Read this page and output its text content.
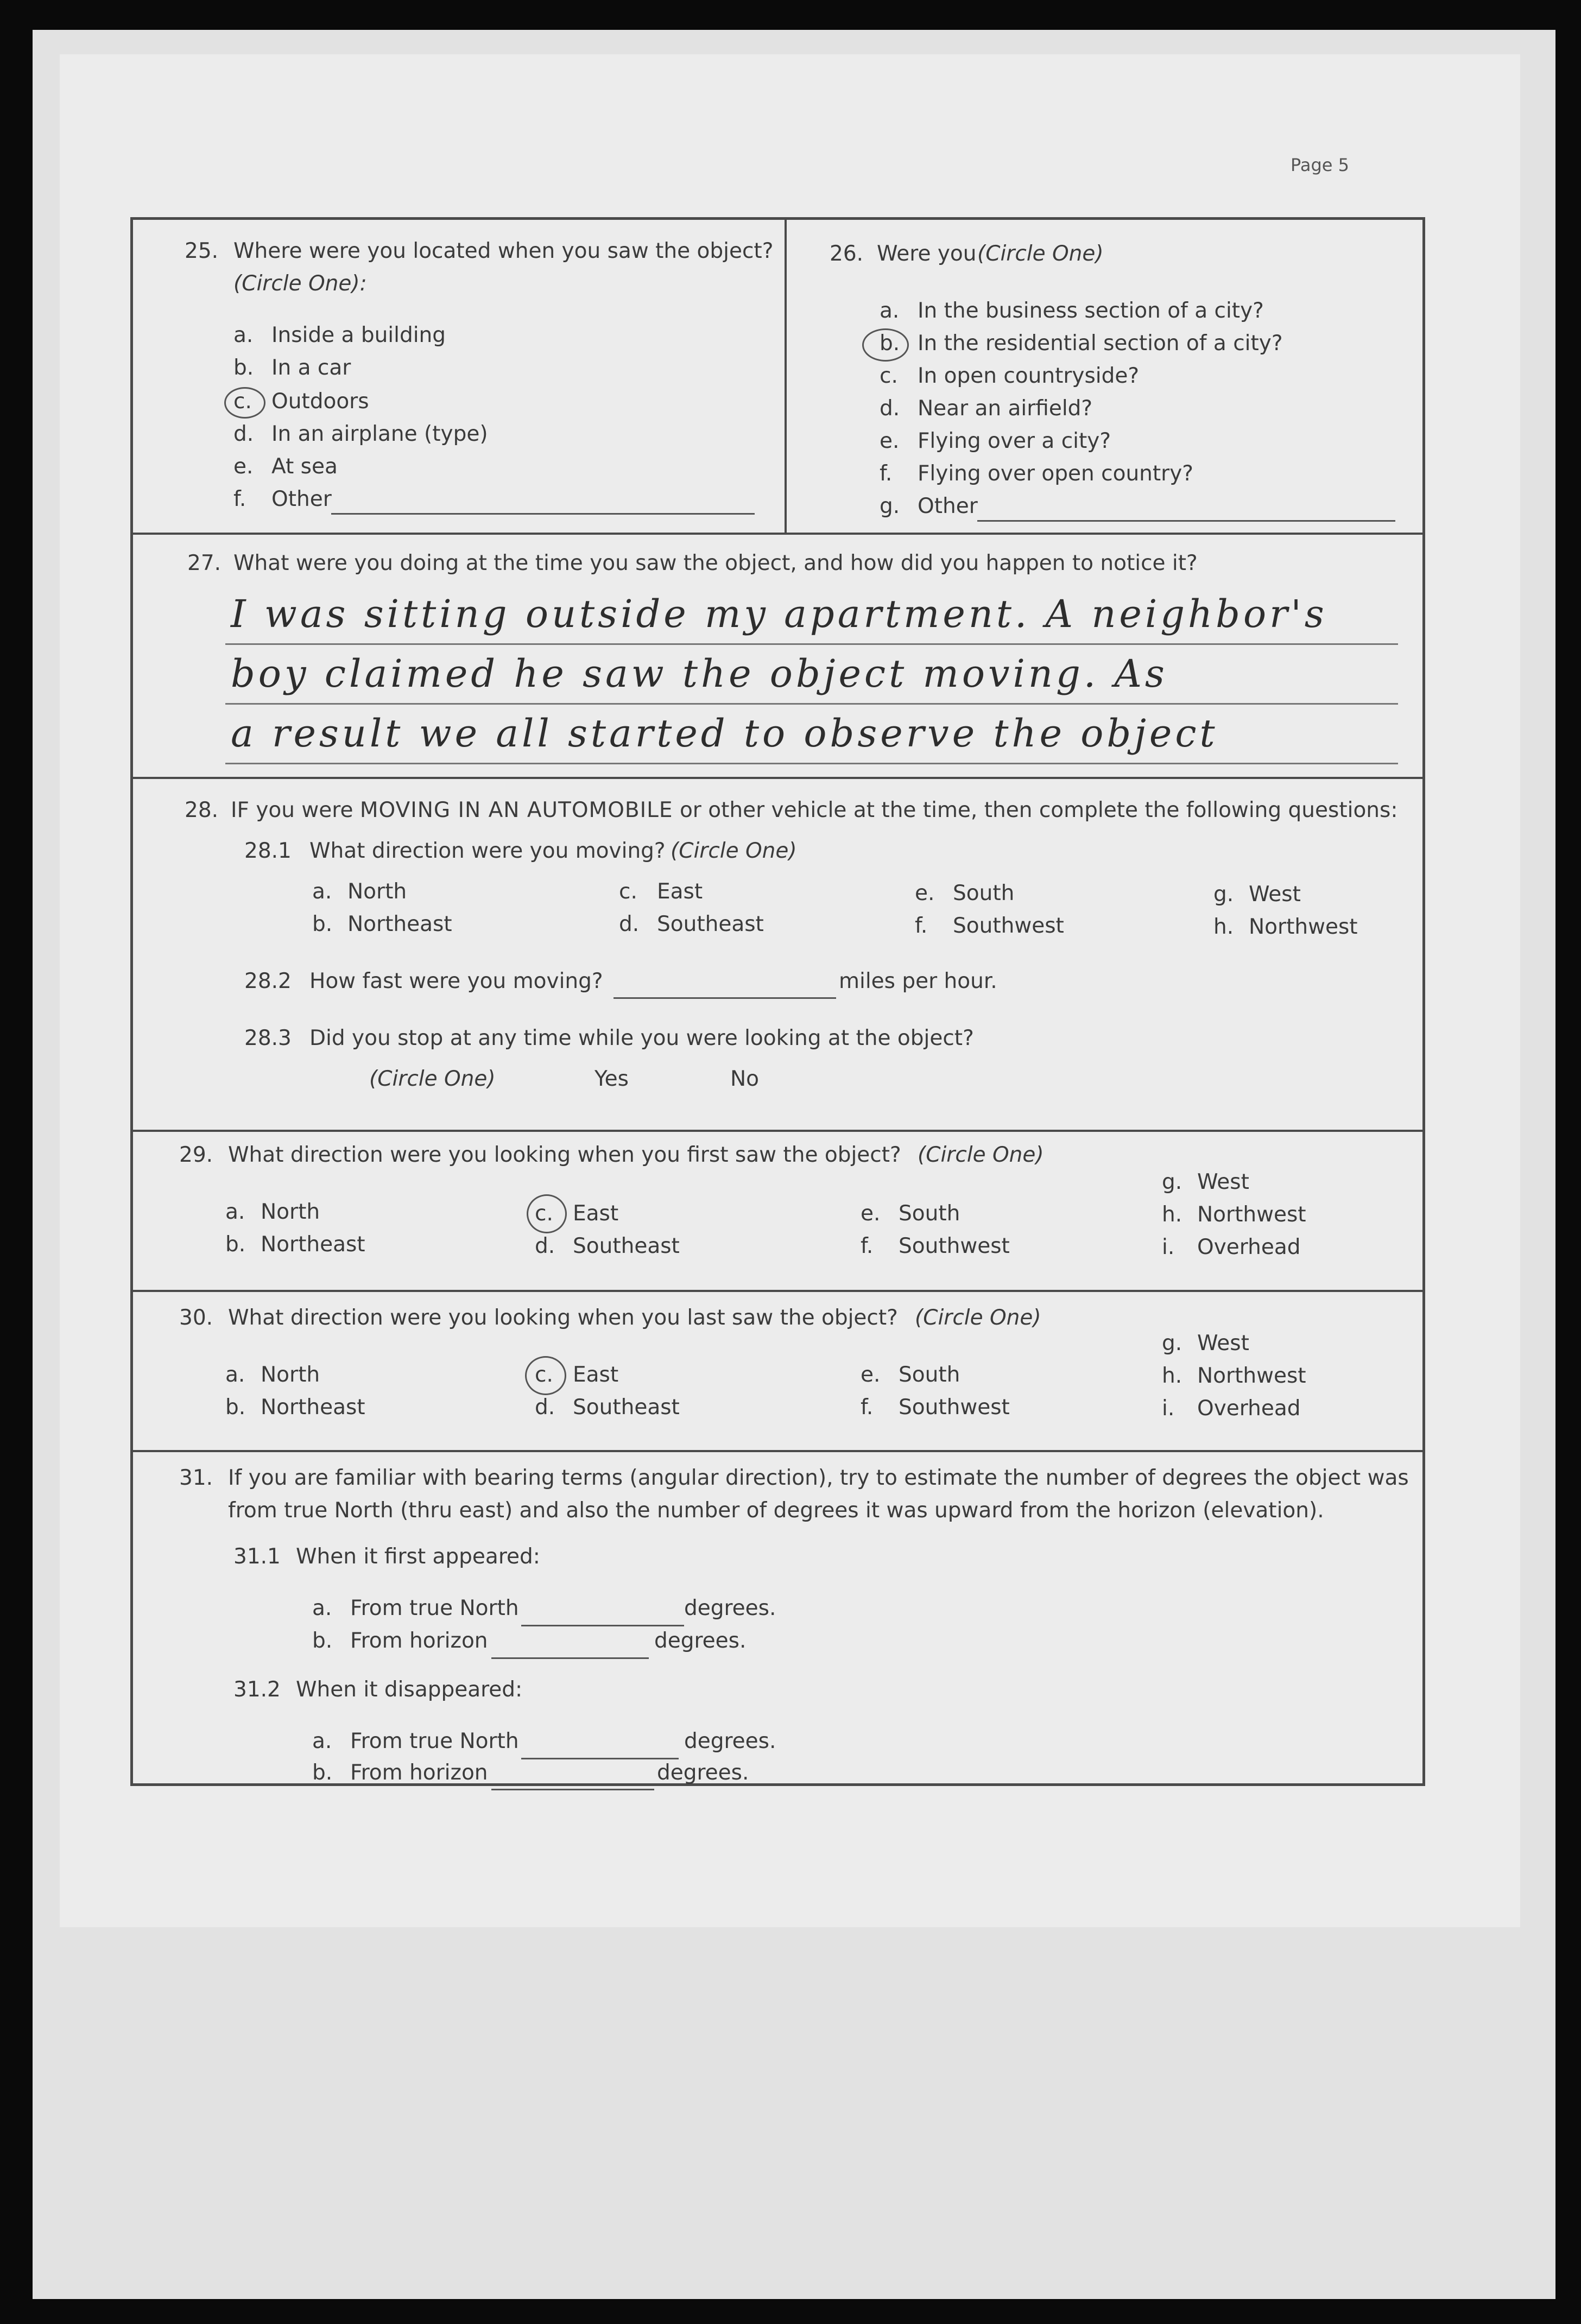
Page 5
25. Where were you located when you saw the object?
(Circle One):
a. Inside a building
b. In a car
c. Outdoors
d. In an airplane (type)
e. At sea
f. Other
26. Were you (Circle One)
a. In the business section of a city?
b. In the residential section of a city?
c. In open countryside?
d. Near an airfield?
e. Flying over a city?
f. Flying over open country?
g. Other
27. What were you doing at the time you saw the object, and how did you happen to notice it?
I was sitting outside my apartment. A neighbor's
boy claimed he saw the object moving. As
a result we all started to observe the object
28. IF you were MOVING IN AN AUTOMOBILE or other vehicle at the time, then complete the following questions:
28.1 What direction were you moving? (Circle One)
a. North
b. Northeast
c. East
d. Southeast
e. South
f. Southwest
g. West
h. Northwest
28.2 How fast were you moving?	miles per hour.
28.3 Did you stop at any time while you were looking at the object?
(Circle One)	Yes	No
29. What direction were you looking when you first saw the object? (Circle One)
a. North
b. Northeast
c. East
d. Southeast
e. South
f. Southwest
g. West
h. Northwest
i. Overhead
30. What direction were you looking when you last saw the object? (Circle One)
a. North
b. Northeast
c. East
d. Southeast
e. South
f. Southwest
g. West
h. Northwest
i. Overhead
31. If you are familiar with bearing terms (angular direction), try to estimate the number of degrees the object was
from true North (thru east) and also the number of degrees it was upward from the horizon (elevation).
31.1 When it first appeared:
a. From true North	degrees.
b. From horizon	degrees.
31.2 When it disappeared:
a. From true North	degrees.
b. From horizon	degrees.
